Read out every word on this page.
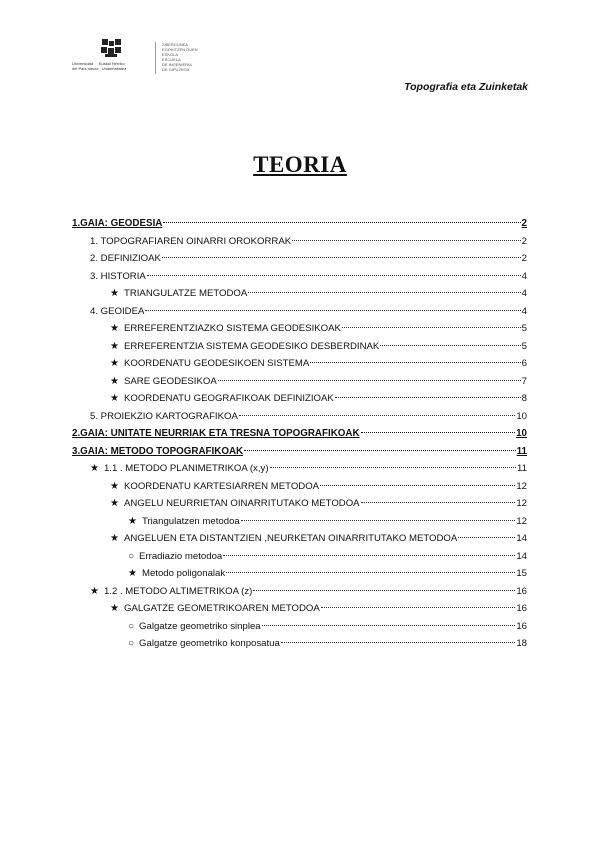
Universidad     Euskal Herriko
del País Vasco   Unibertsitatea
ZIBERGUNEA
EGOKITZEN DUEN
ESKOLA
ESCUELA
DE INGENIERIA
DE GIPUZKOA
Topografia eta Zuinketak
TEORIA
1.GAIA: GEODESIA	2
1. TOPOGRAFIAREN OINARRI OROKORRAK	2
2. DEFINIZIOAK	2
3. HISTORIA	4
★ TRIANGULATZE METODOA	4
4. GEOIDEA	4
★ ERREFERENTZIAZKO SISTEMA GEODESIKOAK	5
★ ERREFERENTZIA SISTEMA GEODESIKO DESBERDINAK	5
★ KOORDENATU GEODESIKOEN SISTEMA	6
★ SARE GEODESIKOA	7
★ KOORDENATU GEOGRAFIKOAK DEFINIZIOAK	8
5. PROIEKZIO KARTOGRAFIKOA	10
2.GAIA: UNITATE NEURRIAK ETA TRESNA TOPOGRAFIKOAK	10
3.GAIA: METODO TOPOGRAFIKOAK	11
★ 1.1 . METODO PLANIMETRIKOA (x,y)	11
★ KOORDENATU KARTESIARREN METODOA	12
★ ANGELU NEURRIETAN OINARRITUTAKO METODOA	12
★ Triangulatzen metodoa	12
★ ANGELUEN ETA DISTANTZIEN ,NEURKETAN OINARRITUTAKO METODOA	14
○ Erradiazio metodoa	14
★ Metodo poligonalak	15
★ 1.2 . METODO ALTIMETRIKOA (z)	16
★ GALGATZE GEOMETRIKOAREN METODOA	16
○ Galgatze geometriko sinplea	16
○ Galgatze geometriko konposatua	18
